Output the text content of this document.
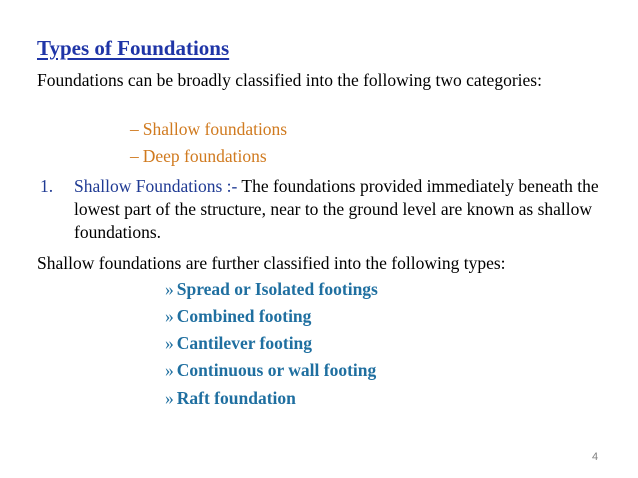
Types of Foundations
Foundations can be broadly classified into the following two categories:
– Shallow foundations
– Deep foundations
1. Shallow Foundations :- The foundations provided immediately beneath the lowest part of the structure, near to the ground level are known as shallow foundations.
Shallow foundations are further classified into the following types:
» Spread or Isolated footings
» Combined footing
» Cantilever footing
» Continuous or wall footing
» Raft foundation
4
